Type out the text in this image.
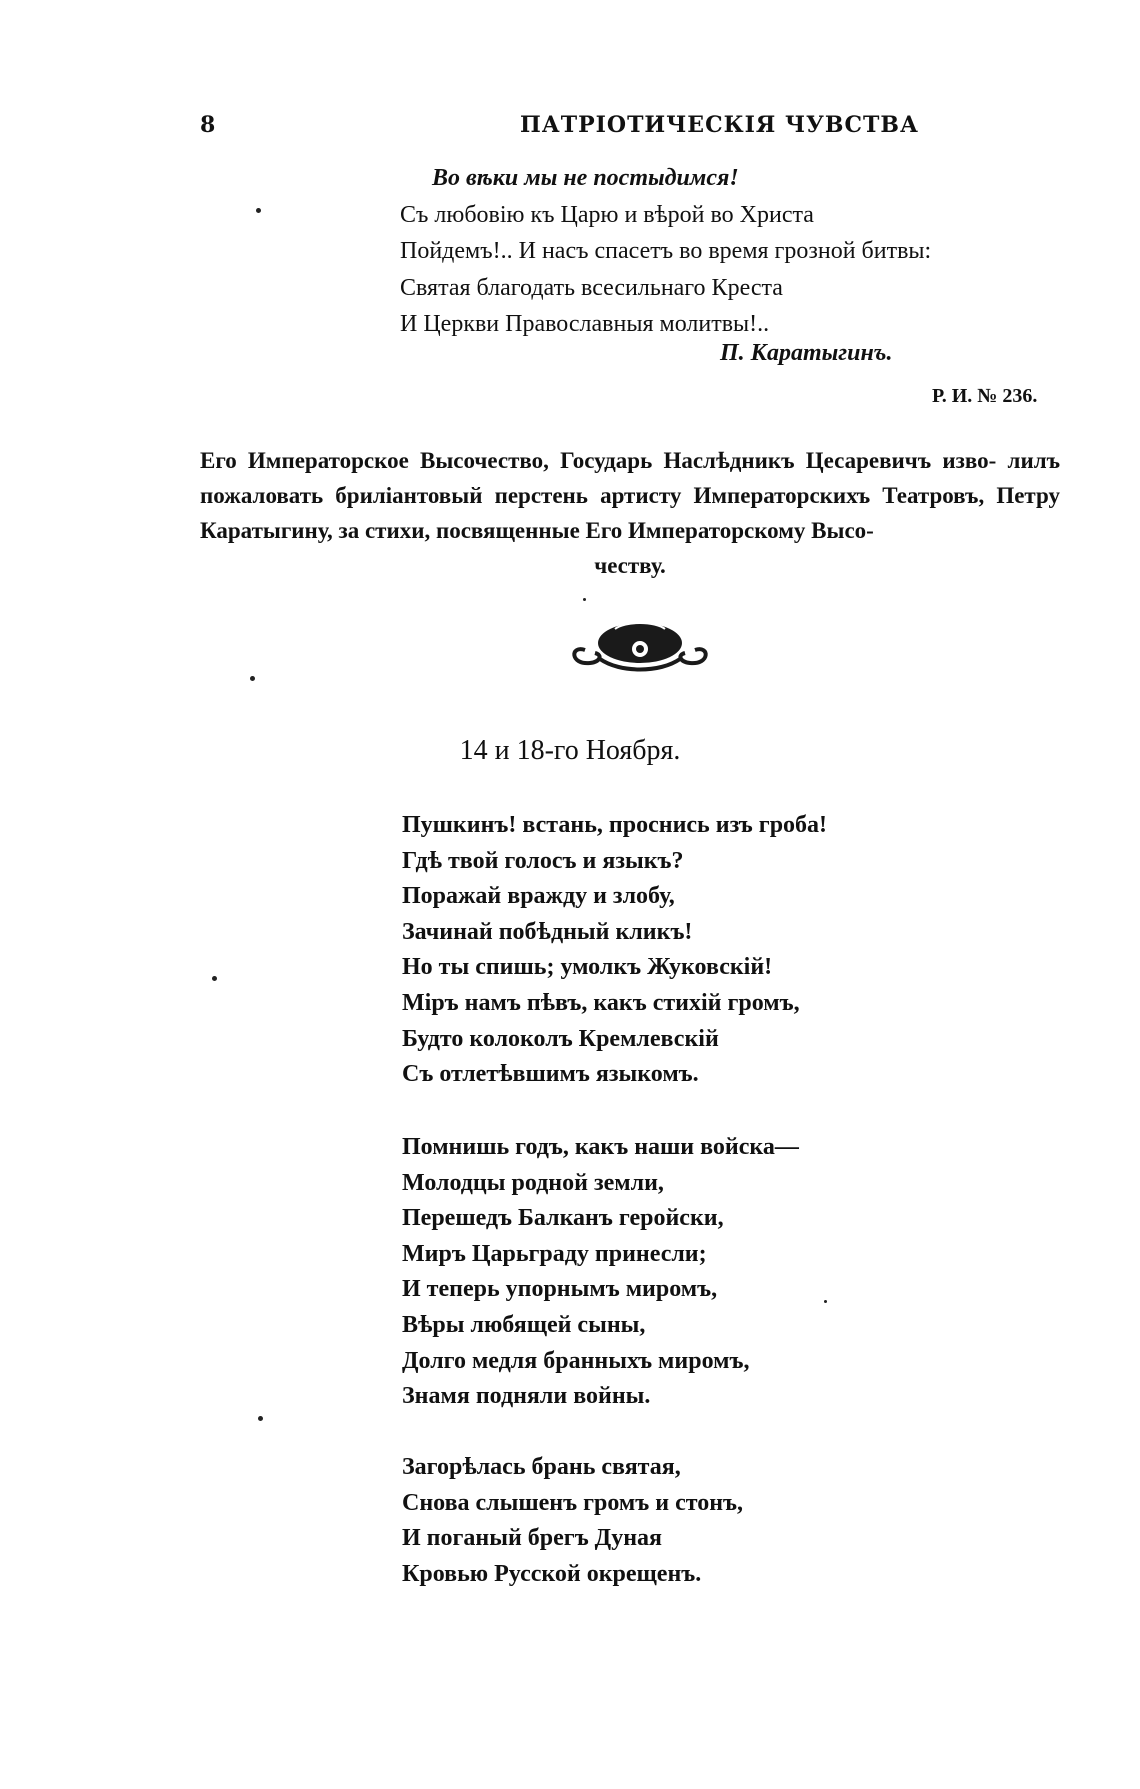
8	ПАТРІОТИЧЕСКІЯ ЧУВСТВА
Во вѣки мы не постыдимся!
Съ любовію къ Царю и вѣрой во Христа
Пойдемъ!.. И насъ спасетъ во время грозной битвы:
Святая благодать всесильнаго Креста
И Церкви Православныя молитвы!..
П. Каратыгинъ.
Р. И. № 236.
Его Императорское Высочество, Государь Наслѣдникъ Цесаревичъ изво- лилъ пожаловать бриліантовый перстень артисту Императорскихъ Театровъ, Петру Каратыгину, за стихи, посвященные Его Императорскому Высо-
честву.
14 и 18-го Ноября.
Пушкинъ! встань, проснись изъ гроба!
Гдѣ твой голосъ и языкъ?
Поражай вражду и злобу,
Зачинай побѣдный кликъ!
Но ты спишь; умолкъ Жуковскій!
Міръ намъ пѣвъ, какъ стихій громъ,
Будто колоколъ Кремлевскій
Съ отлетѣвшимъ языкомъ.
Помнишь годъ, какъ наши войска—
Молодцы родной земли,
Перешедъ Балканъ геройски,
Миръ Царьграду принесли;
И теперь упорнымъ миромъ,
Вѣры любящей сыны,
Долго медля бранныхъ миромъ,
Знамя подняли войны.
Загорѣлась брань святая,
Снова слышенъ громъ и стонъ,
И поганый брегъ Дуная
Кровью Русской окрещенъ.
